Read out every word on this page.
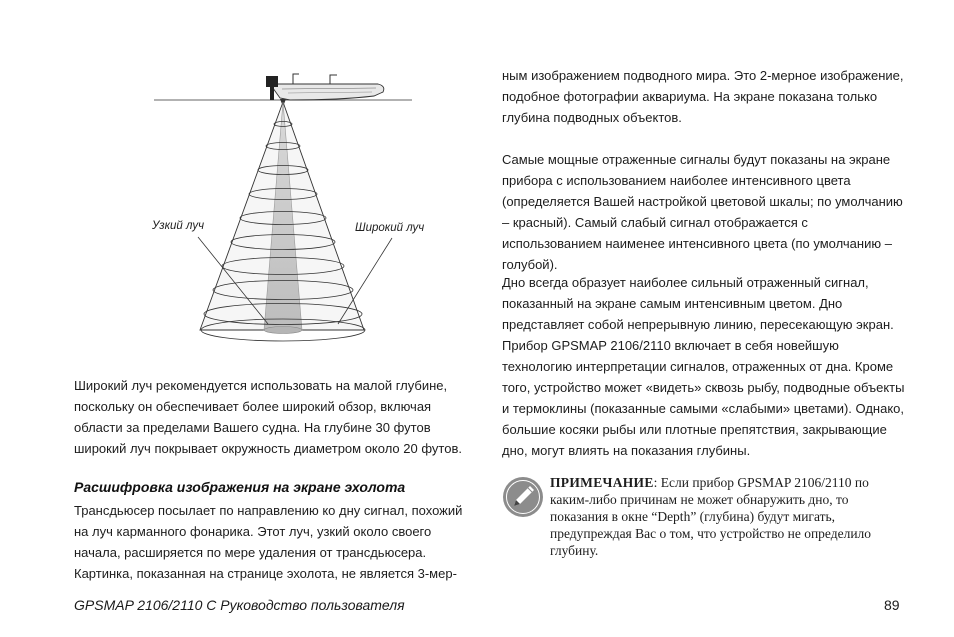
Узкий луч	Широкий луч

Широкий луч рекомендуется использовать на малой глубине, поскольку он обеспечивает более широкий обзор, включая области за пределами Вашего судна. На глубине 30 футов широкий луч покрывает окружность диаметром около 20 футов.

Расшифровка изображения на экране эхолота

Трансдьюсер посылает по направлению ко дну сигнал, похожий на луч карманного фонарика. Этот луч, узкий около своего начала, расширяется по мере удаления от трансдьюсера. Картинка, показанная на странице эхолота, не является 3-мер-

ным изображением подводного мира. Это 2-мерное изображение, подобное фотографии аквариума. На экране показана только глубина подводных объектов.

Самые мощные отраженные сигналы будут показаны на экране прибора с использованием наиболее интенсивного цвета (определяется Вашей настройкой цветовой шкалы; по умолчанию – красный). Самый слабый сигнал отображается с использованием наименее интенсивного цвета (по умолчанию – голубой).

Дно всегда образует наиболее сильный отраженный сигнал, показанный на экране самым интенсивным цветом. Дно представляет собой непрерывную линию, пересекающую экран. Прибор GPSMAP 2106/2110 включает в себя новейшую технологию интерпретации сигналов, отраженных от дна. Кроме того, устройство может «видеть» сквозь рыбу, подводные объекты и термоклины (показанные самыми «слабыми» цветами). Однако, большие косяки рыбы или плотные препятствия, закрывающие дно, могут влиять на показания глубины.

ПРИМЕЧАНИЕ: Если прибор GPSMAP 2106/2110 по каким-либо причинам не может обнаружить дно, то показания в окне “Depth” (глубина) будут мигать, предупреждая Вас о том, что устройство не определило глубину.

GPSMAP 2106/2110 C Руководство пользователя	89
